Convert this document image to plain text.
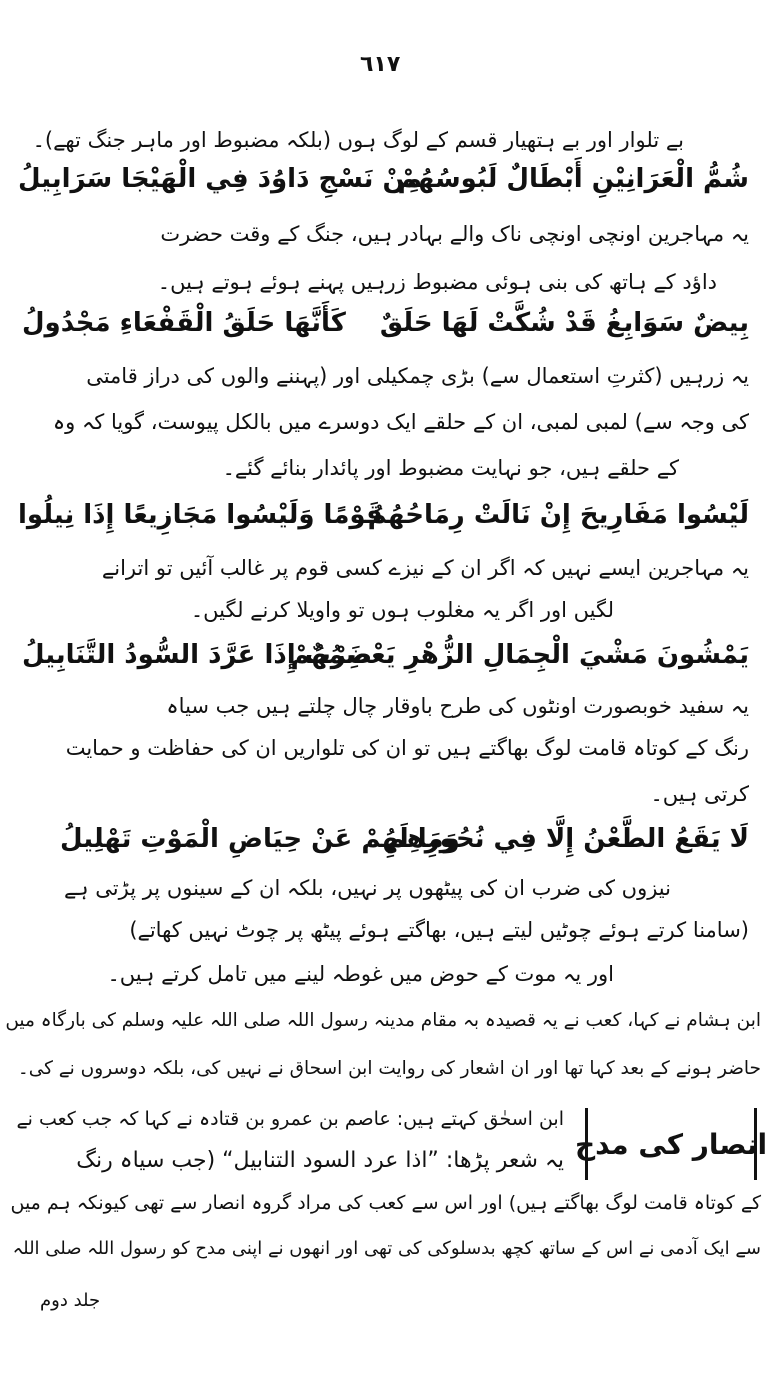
٦١٧
بے تلوار اور بے ہتھیار قسم کے لوگ ہوں (بلکہ مضبوط اور ماہر جنگ تھے)۔
شُمُّ الْعَرَانِيْنِ أَبْطَالٌ لَبُوسُهُمْ
مِنْ نَسْجِ دَاوُدَ فِي الْهَيْجَا سَرَابِيلُ
یہ مہاجرین اونچی اونچی ناک والے بہادر ہیں، جنگ کے وقت حضرت
داؤد کے ہاتھ کی بنی ہوئی مضبوط زرہیں پہنے ہوئے ہوتے ہیں۔
بِيضٌ سَوَابِغُ قَدْ شُكَّتْ لَهَا حَلَقٌ
كَأَنَّهَا حَلَقُ الْقَفْعَاءِ مَجْدُولُ
یہ زرہیں (کثرتِ استعمال سے) بڑی چمکیلی اور (پہننے والوں کی دراز قامتی
کی وجہ سے) لمبی لمبی، ان کے حلقے ایک دوسرے میں بالکل پیوست، گویا کہ وہ
کے حلقے ہیں، جو نہایت مضبوط اور پائدار بنائے گئے۔
لَيْسُوا مَفَارِيحَ إِنْ نَالَتْ رِمَاحُهُمُ
قَوْمًا وَلَيْسُوا مَجَازِيعًا إِذَا نِيلُوا
یہ مہاجرین ایسے نہیں کہ اگر ان کے نیزے کسی قوم پر غالب آئیں تو اترانے
لگیں اور اگر یہ مغلوب ہوں تو واویلا کرنے لگیں۔
يَمْشُونَ مَشْيَ الْجِمَالِ الزُّهْرِ يَعْصِمُهُمْ
ضَرْبٌ إِذَا عَرَّدَ السُّودُ التَّنَابِيلُ
یہ سفید خوبصورت اونٹوں کی طرح باوقار چال چلتے ہیں جب سیاہ
رنگ کے کوتاہ قامت لوگ بھاگتے ہیں تو ان کی تلواریں ان کی حفاظت و حمایت
کرتی ہیں۔
لَا يَقَعُ الطَّعْنُ إِلَّا فِي نُحُورِهِمِ
وَمَا لَهُمْ عَنْ حِيَاضِ الْمَوْتِ تَهْلِيلُ
نیزوں کی ضرب ان کی پیٹھوں پر نہیں، بلکہ ان کے سینوں پر پڑتی ہے
(سامنا کرتے ہوئے چوٹیں لیتے ہیں، بھاگتے ہوئے پیٹھ پر چوٹ نہیں کھاتے)
اور یہ موت کے حوض میں غوطہ لینے میں تامل کرتے ہیں۔
ابن ہشام نے کہا، کعب نے یہ قصیدہ بہ مقام مدینہ رسول اللہ صلی اللہ علیہ وسلم کی بارگاہ میں
حاضر ہونے کے بعد کہا تھا اور ان اشعار کی روایت ابن اسحاق نے نہیں کی، بلکہ دوسروں نے کی۔
انصار کی مدح
ابن اسحٰق کہتے ہیں: عاصم بن عمرو بن قتادہ نے کہا کہ جب کعب نے
یہ شعر پڑھا: ”اذا عرد السود التنابیل“ (جب سیاہ رنگ
کے کوتاہ قامت لوگ بھاگتے ہیں) اور اس سے کعب کی مراد گروہ انصار سے تھی کیونکہ ہم میں
سے ایک آدمی نے اس کے ساتھ کچھ بدسلوکی کی تھی اور انھوں نے اپنی مدح کو رسول اللہ صلی اللہ
جلد دوم
